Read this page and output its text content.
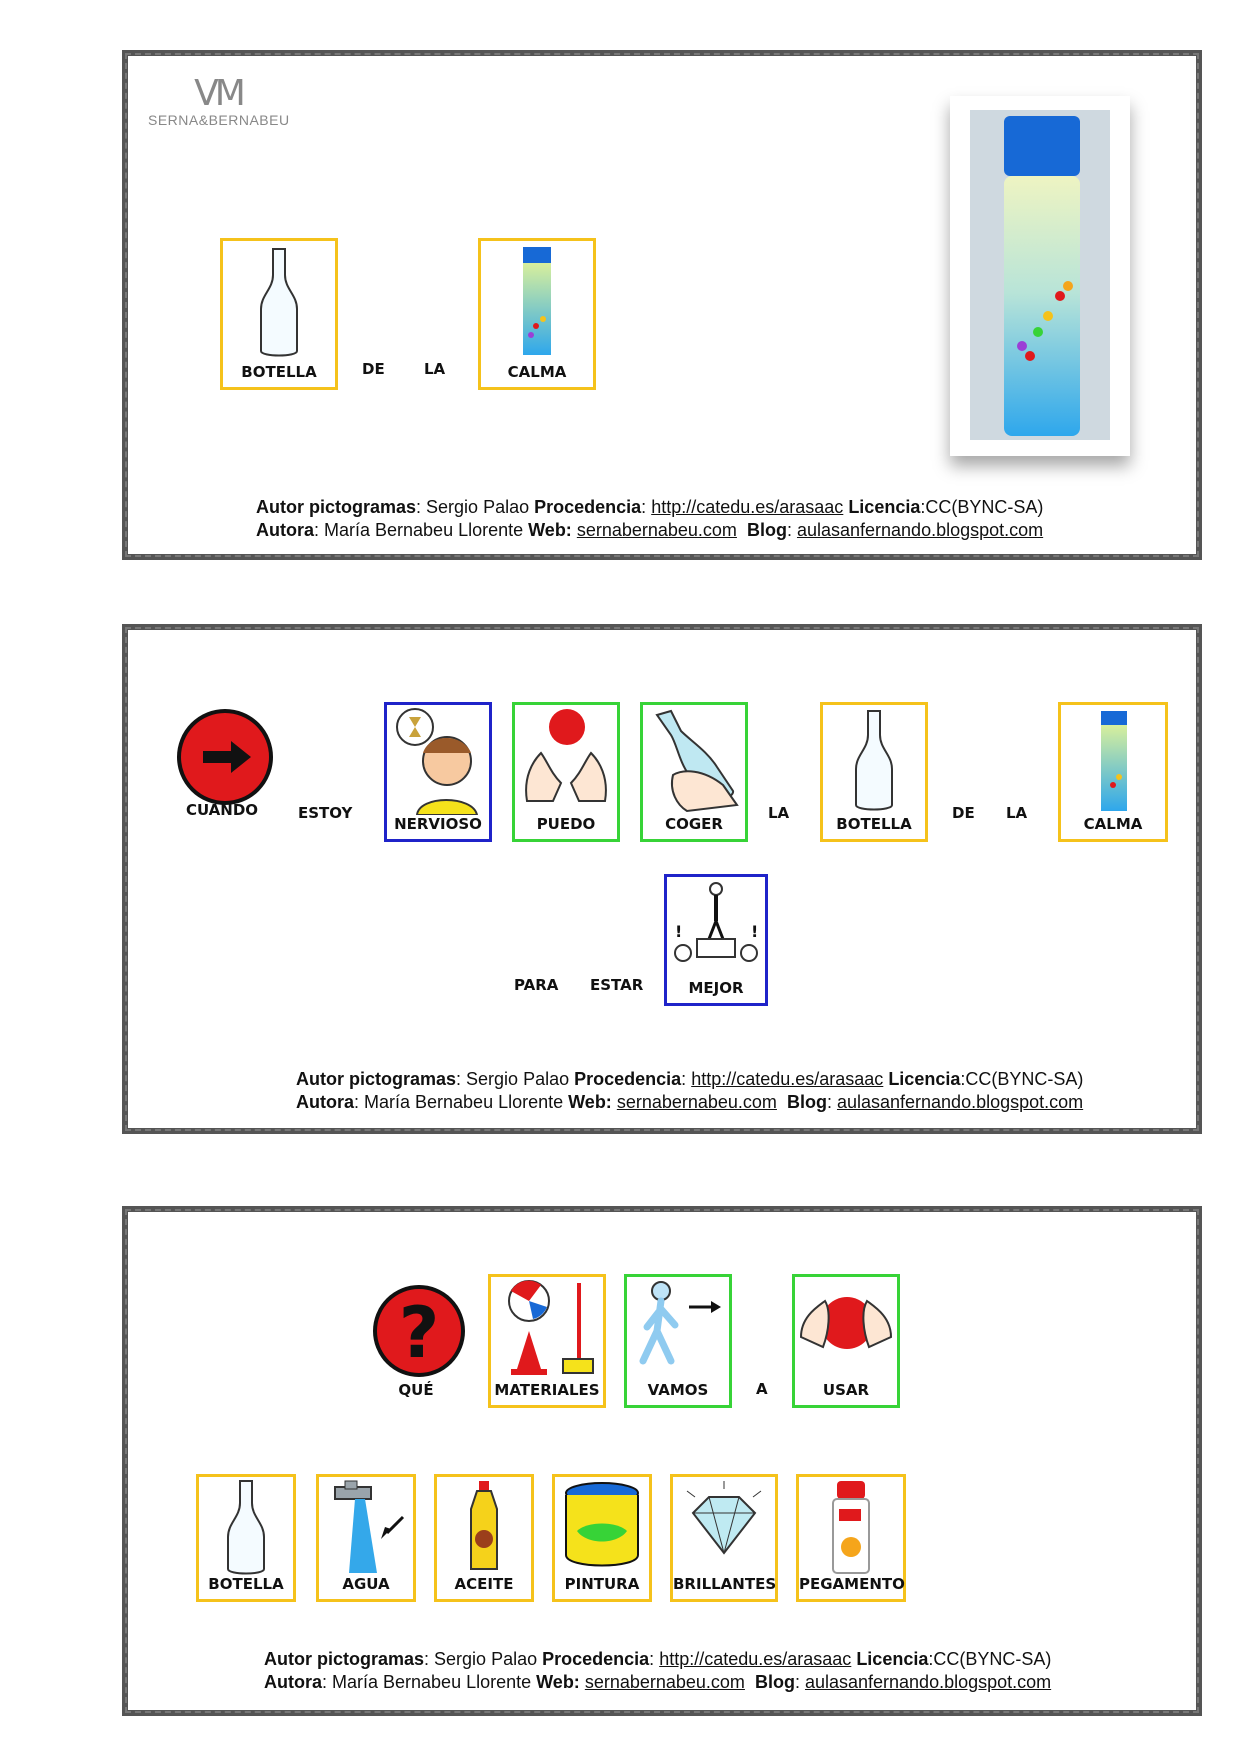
VM
SERNA&BERNABEU
BOTELLA	DE	LA	CALMA
Autor pictogramas: Sergio Palao Procedencia: http://catedu.es/arasaac Licencia:CC(BYNC-SA)
Autora: María Bernabeu Llorente Web: sernabernabeu.com Blog: aulasanfernando.blogspot.com
CUANDO	ESTOY
NERVIOSO	PUEDO	COGER
LA
BOTELLA
DE LA
CALMA
PARA ESTAR
!	!
MEJOR
Autor pictogramas: Sergio Palao Procedencia: http://catedu.es/arasaac Licencia:CC(BYNC-SA)
Autora: María Bernabeu Llorente Web: sernabernabeu.com Blog: aulasanfernando.blogspot.com
?
QUÉ	MATERIALES	VAMOS	A	USAR
BOTELLA	AGUA	ACEITE	PINTURA	BRILLANTES PEGAMENTO
Autor pictogramas: Sergio Palao Procedencia: http://catedu.es/arasaac Licencia:CC(BYNC-SA)
Autora: María Bernabeu Llorente Web: sernabernabeu.com Blog: aulasanfernando.blogspot.com
